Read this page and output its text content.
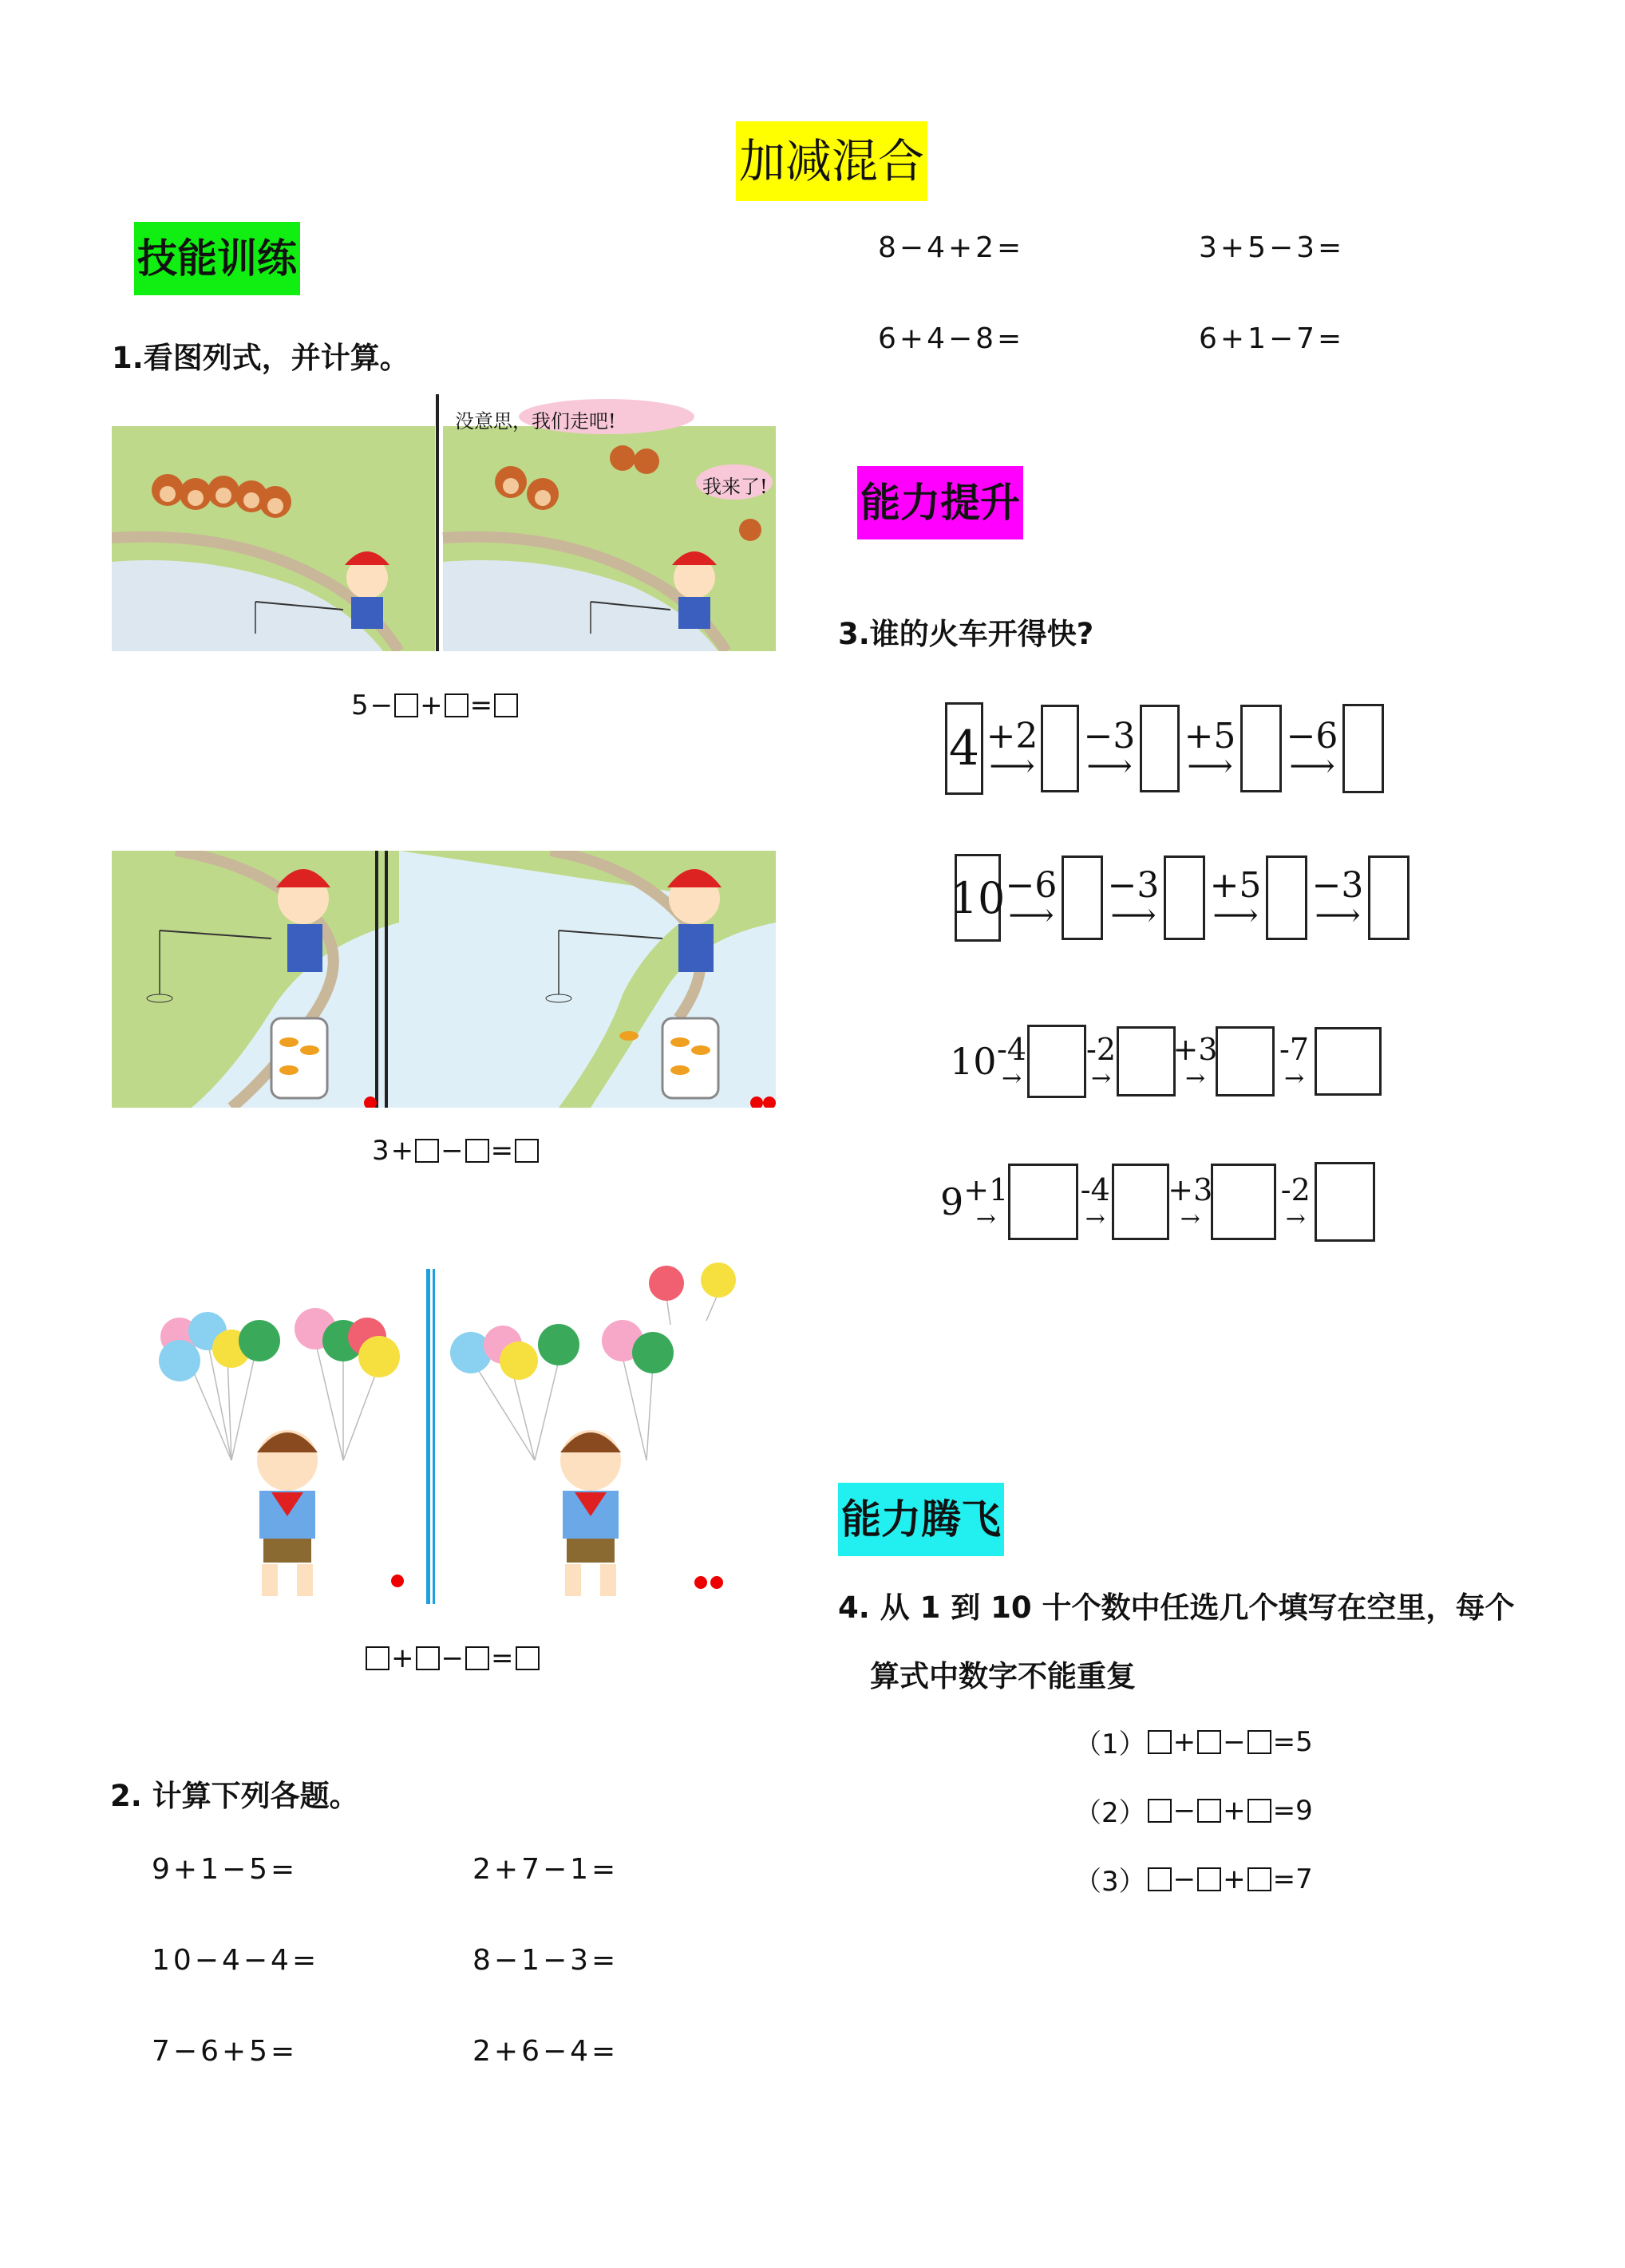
加减混合
技能训练
能力提升
能力腾飞
1.看图列式，并计算。
没意思，我们走吧!
我来了!
5 − + =
3 + − =
+ − =
2. 计算下列各题。
9+1−5=	2+7−1=
10−4−4=	8−1−3=
7−6+5=	2+6−4=
8−4+2=	3+5−3=
6+4−8=	6+1−7=
3.谁的火车开得快?
4 +2
⟶
−3
⟶
+5
⟶
−6
⟶
10 −6
⟶
−3
⟶
+5
⟶
−3
⟶
10 -4
→
-2
→
+3
→
-7
→
9 +1
→
-4
→
+3
→
-2
→
4. 从 1 到 10 十个数中任选几个填写在空里，每个
算式中数字不能重复
（1） + − =5
（2） − + =9
（3） − + =7
